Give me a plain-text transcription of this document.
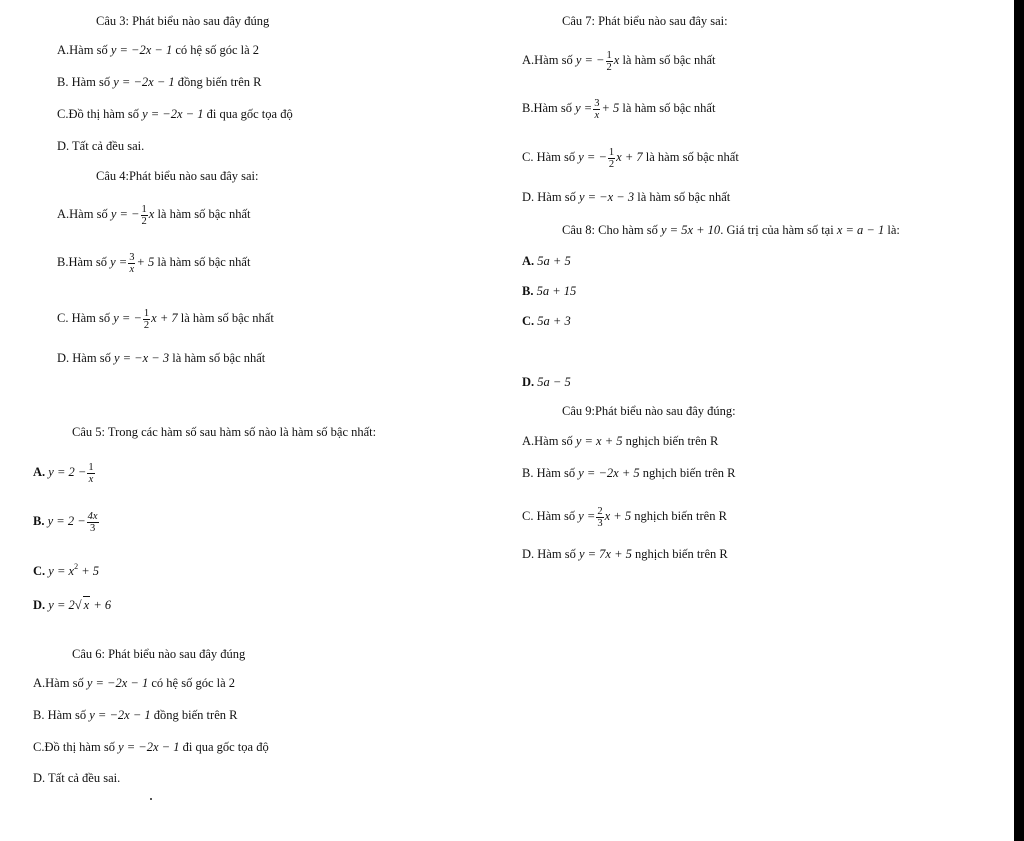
Câu 3: Phát biểu nào sau đây đúng
A.Hàm số y = −2x − 1 có hệ số góc là 2
B. Hàm số y = −2x − 1 đồng biến trên R
C.Đồ thị hàm số y = −2x − 1 đi qua gốc tọa độ
D. Tất cả đều sai.
Câu 4:Phát biểu nào sau đây sai:
A.Hàm số y = − $\frac{1}{2}$ x là hàm số bậc nhất
B.Hàm số $y = \frac{3}{x} + 5$ là hàm số bậc nhất
C. Hàm số y = − $\frac{1}{2}$ x + 7 là hàm số bậc nhất
D. Hàm số y = −x − 3 là hàm số bậc nhất
Câu 5: Trong các hàm số sau hàm số nào là hàm số bậc nhất:
A. $y = 2 - \frac{1}{x}$
B. $y = 2 - \frac{4x}{3}$
C. $y = x^2 + 5$
D. y = 2√ x + 6
Câu 6: Phát biểu nào sau đây đúng
A.Hàm số y = −2x − 1 có hệ số góc là 2
B. Hàm số y = −2x − 1 đồng biến trên R
C.Đồ thị hàm số y = −2x − 1 đi qua gốc tọa độ
D. Tất cả đều sai.
Câu 7: Phát biểu nào sau đây sai:
A.Hàm số y = − $\frac{1}{2}$ x là hàm số bậc nhất
B.Hàm số $y = \frac{3}{x} + 5$ là hàm số bậc nhất
C. Hàm số y = − $\frac{1}{2}$ x + 7 là hàm số bậc nhất
D. Hàm số y = −x − 3 là hàm số bậc nhất
Câu 8: Cho hàm số y = 5x + 10. Giá trị của hàm số tại x = a − 1 là:
A. 5a + 5
B. 5a + 15
C. 5a + 3
D. 5a − 5
Câu 9:Phát biểu nào sau đây đúng:
A.Hàm số y = x + 5 nghịch biến trên R
B. Hàm số y = −2x + 5 nghịch biến trên R
C. Hàm số $y = \frac{2}{3}$ x + 5 nghịch biến trên R
D. Hàm số y = 7x + 5 nghịch biến trên R
